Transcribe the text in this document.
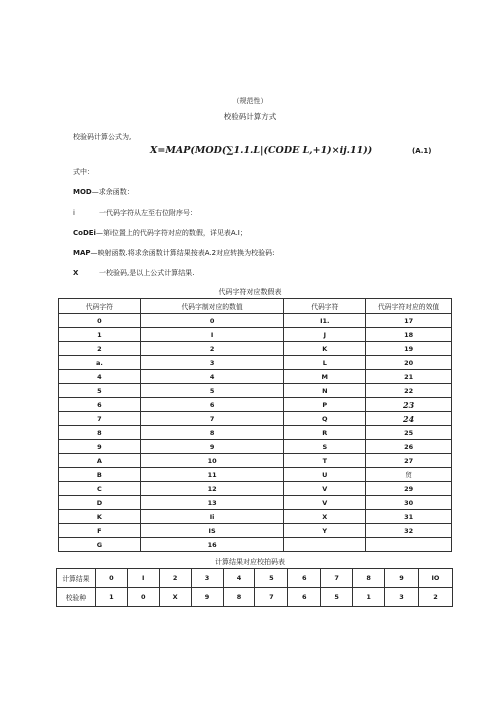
（规范性）
校验码计算方式
校验码计算公式为,
X=MAP(MOD(∑1.1.L|(CODE L,+1)×ij.11))	(A.1)
式中：
MOD—求余函数：
i	一代码字符从左至右位附序号：
CoDEi—第i位置上的代码字符对应的数假，详见表A.I；
MAP—映射函数.将求余函数计算结果按表A.2对应转换为校验码:
X	一校验码,是以上公式计算结果.
代码字符对应数假表
代码字符	代码字制对应的数值	代码字符	代码字符对应的效值
0	0	I1.	17
1	I	J	18
2	2	K	19
a.	3	L	20
4	4	M	21
5	5	N	22
6	6	P	23
7	7	Q	24
8	8	R	25
9	9	S	26
A	10	T	27
B	11	U	贸
C	12	V	29
D	13	V	30
K	Ii	X	31
F	IS	Y	32
G	16		
计算结果对应校拍码表
计算结果	0	I	2	3	4	5	6	7	8	9	IO
校验种	1	0	X	9	8	7	6	5	1	3	2
